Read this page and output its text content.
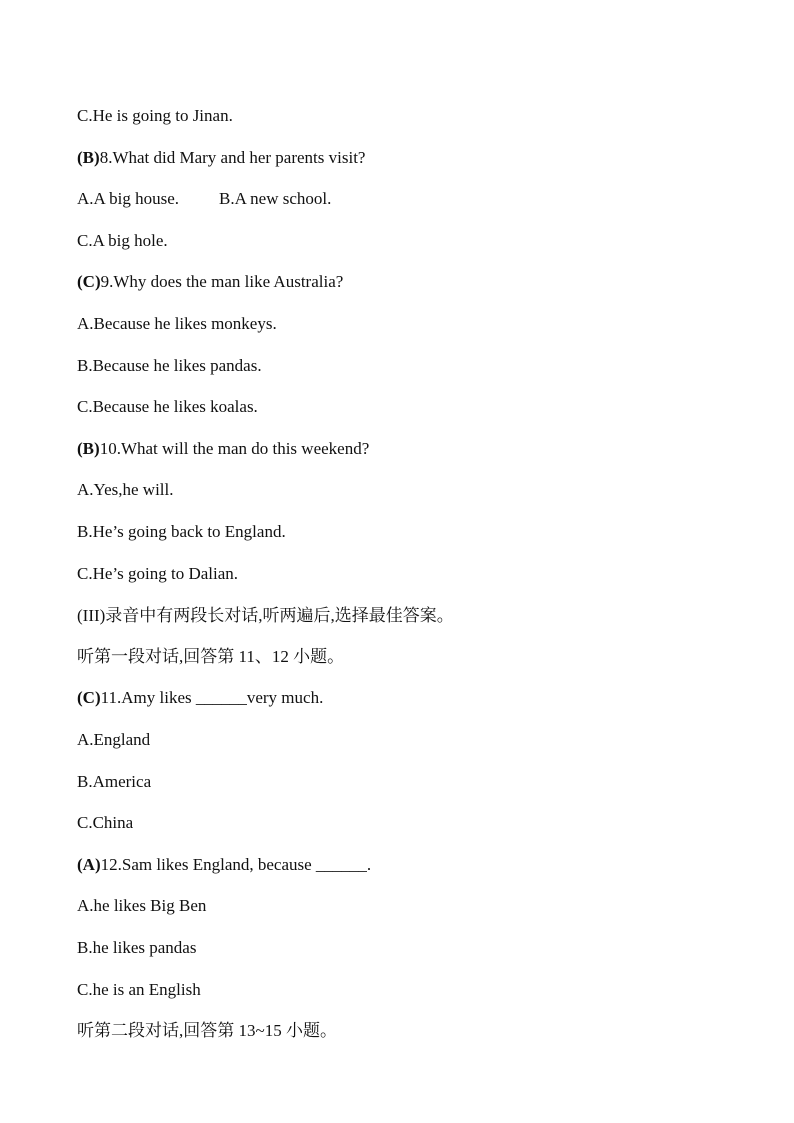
C.He is going to Jinan.
(B)8.What did Mary and her parents visit?
A.A big house. B.A new school.
C.A big hole.
(C)9.Why does the man like Australia?
A.Because he likes monkeys.
B.Because he likes pandas.
C.Because he likes koalas.
(B)10.What will the man do this weekend?
A.Yes,he will.
B.He’s going back to England.
C.He’s going to Dalian.
(III)录音中有两段长对话,听两遍后,选择最佳答案。
听第一段对话,回答第 11、12 小题。
(C)11.Amy likes ______very much.
A.England
B.America
C.China
(A)12.Sam likes England, because ______.
A.he likes Big Ben
B.he likes pandas
C.he is an English
听第二段对话,回答第 13~15 小题。
